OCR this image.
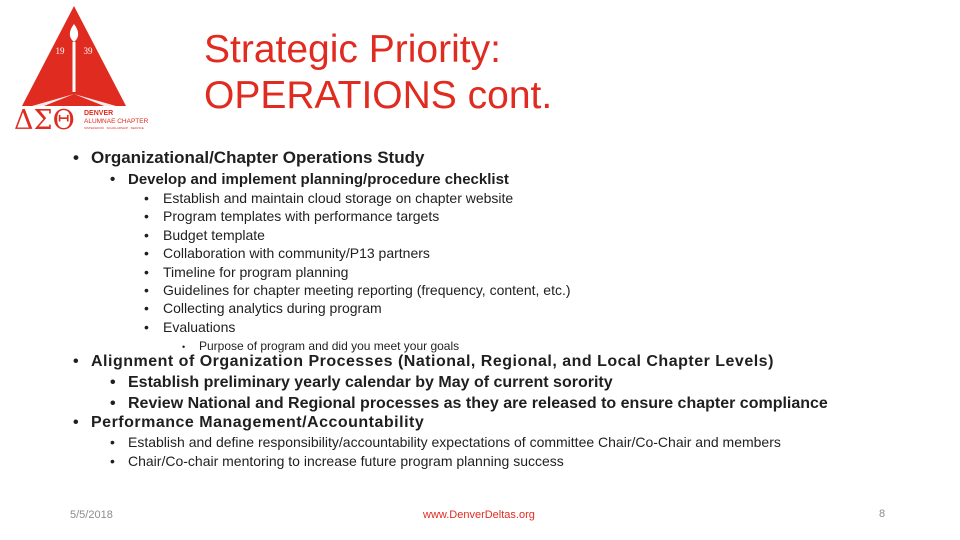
19 39
ΔΣΘ DENVER
ALUMNAE CHAPTER
SISTERHOOD · SCHOLARSHIP · SERVICE
Strategic Priority:
OPERATIONS cont.
• Organizational/Chapter Operations Study
• Develop and implement planning/procedure checklist
• Establish and maintain cloud storage on chapter website
• Program templates with performance targets
• Budget template
• Collaboration with community/P13 partners
• Timeline for program planning
• Guidelines for chapter meeting reporting (frequency, content, etc.)
• Collecting analytics during program
• Evaluations
• Purpose of program and did you meet your goals
• Alignment of Organization Processes (National, Regional, and Local Chapter Levels)
• Establish preliminary yearly calendar by May of current sorority
• Review National and Regional processes as they are released to ensure chapter compliance
• Performance Management/Accountability
• Establish and define responsibility/accountability expectations of committee Chair/Co-Chair and members
• Chair/Co-chair mentoring to increase future program planning success
5/5/2018	www.DenverDeltas.org	8
